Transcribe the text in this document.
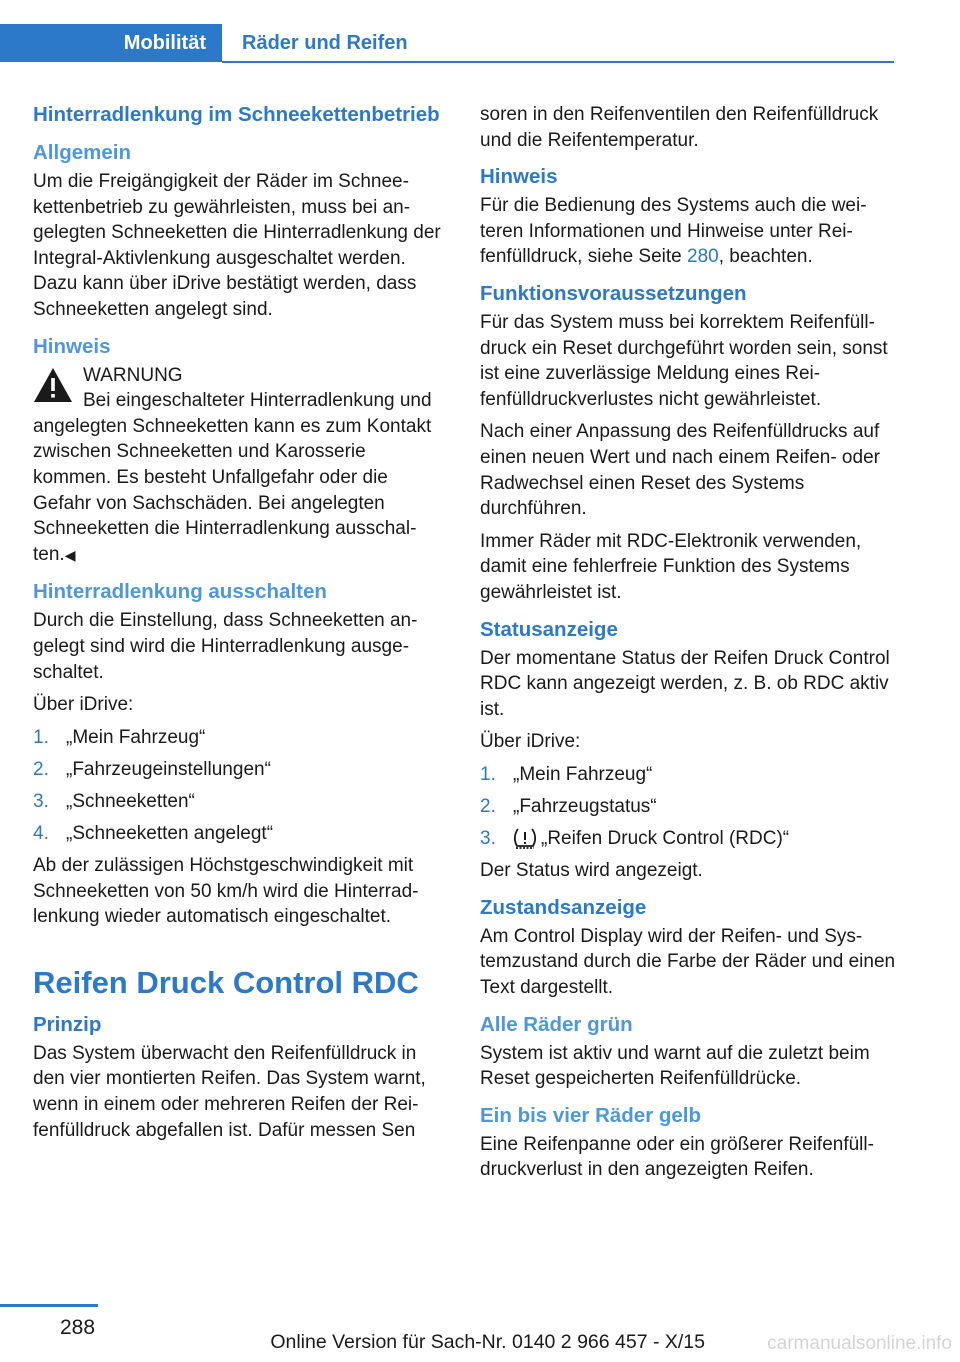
Mobilität	Räder und Reifen
Hinterradlenkung im Schneekettenbetrieb
Allgemein

Um die Freigängigkeit der Räder im Schneekettenbetrieb zu gewährleisten, muss bei angelegten Schneeketten die Hinterradlenkung der Integral-Aktivlenkung ausgeschaltet werden. Dazu kann über iDrive bestätigt werden, dass Schneeketten angelegt sind.

Hinweis
WARNUNG
Bei eingeschalteter Hinterradlenkung und angelegten Schneeketten kann es zum Kontakt zwischen Schneeketten und Karosserie kommen. Es besteht Unfallgefahr oder die Gefahr von Sachschäden. Bei angelegten Schneeketten die Hinterradlenkung ausschalten.◀
Hinterradlenkung ausschalten

Durch die Einstellung, dass Schneeketten angelegt sind wird die Hinterradlenkung ausgeschaltet.

Über iDrive:

1. „Mein Fahrzeug“
2. „Fahrzeugeinstellungen“
3. „Schneeketten“
4. „Schneeketten angelegt“

Ab der zulässigen Höchstgeschwindigkeit mit Schneeketten von 50 km/h wird die Hinterradlenkung wieder automatisch eingeschaltet.

Reifen Druck Control RDC
Prinzip

Das System überwacht den Reifenfülldruck in den vier montierten Reifen. Das System warnt, wenn in einem oder mehreren Reifen der Reifenfülldruck abgefallen ist. Dafür messen Sen

soren in den Reifenventilen den Reifenfülldruck und die Reifentemperatur.

Hinweis

Für die Bedienung des Systems auch die weiteren Informationen und Hinweise unter Reifenfülldruck, siehe Seite 280, beachten.

Funktionsvoraussetzungen

Für das System muss bei korrektem Reifenfülldruck ein Reset durchgeführt worden sein, sonst ist eine zuverlässige Meldung eines Reifenfülldruckverlustes nicht gewährleistet.

Nach einer Anpassung des Reifenfülldrucks auf einen neuen Wert und nach einem Reifen- oder Radwechsel einen Reset des Systems durchführen.

Immer Räder mit RDC-Elektronik verwenden, damit eine fehlerfreie Funktion des Systems gewährleistet ist.

Statusanzeige

Der momentane Status der Reifen Druck Control RDC kann angezeigt werden, z. B. ob RDC aktiv ist.

Über iDrive:

1. „Mein Fahrzeug“
2. „Fahrzeugstatus“
3. „Reifen Druck Control (RDC)“

Der Status wird angezeigt.

Zustandsanzeige

Am Control Display wird der Reifen- und Systemzustand durch die Farbe der Räder und einen Text dargestellt.

Alle Räder grün

System ist aktiv und warnt auf die zuletzt beim Reset gespeicherten Reifenfülldrücke.

Ein bis vier Räder gelb

Eine Reifenpanne oder ein größerer Reifenfülldruckverlust in den angezeigten Reifen.

288
Online Version für Sach-Nr. 0140 2 966 457 - X/15	carmanualsonline.info
